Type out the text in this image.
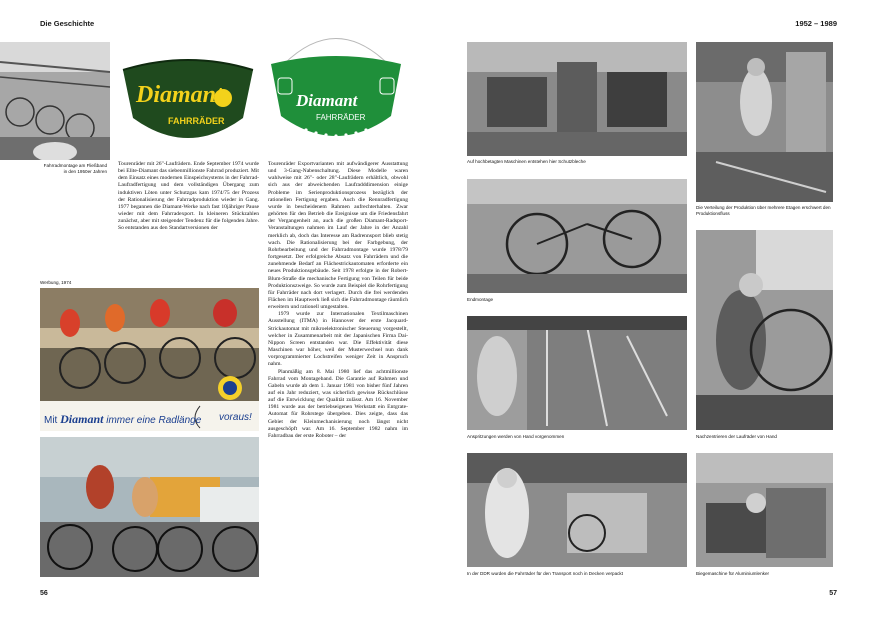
Die Geschichte	1952 – 1989
Fahrradmontage am Fließband in den 1950er Jahren
Diamant
FAHRRÄDER
Diamant
FAHRRÄDER

Tourenräder mit 26"-Laufrädern. Ende September 1974 wurde bei Elite-Diamant das siebenmillionste Fahrrad produziert. Mit dem Einsatz eines modernen Einspeichsystems in der Fahrrad-Laufradfertigung und dem vollständigen Übergang zum induktiven Löten unter Schutzgas kam 1974/75 der Prozess der Rationalisierung der Fahrradproduktion wieder in Gang. 1977 begannen die Diamant-Werke nach fast 10jähriger Pause wieder mit dem Fahrradexport. In kleineren Stückzahlen zunächst, aber mit steigender Tendenz für die folgenden Jahre. So entstanden aus den Standartversionen der

Tourenräder Exportvarianten mit aufwändigerer Ausstattung und 3-Gang-Nabenschaltung. Diese Modelle waren wahlweise mit 26"- oder 28"-Laufrädern erhältlich, obwohl sich aus der abweichenden Laufradddimension einige Probleme im Serienproduktionsprozess bezüglich der rationellen Fertigung ergaben. Auch die Rennradfertigung wurde in bescheidenem Rahmen aufrechterhalten. Zwar gehörten für den Betrieb die Ereignisse um die Friedensfahrt der Vergangenheit an, auch die großen Diamant-Radsport-Veranstaltungen nahmen im Lauf der Jahre in der Anzahl merklich ab, doch das Interesse am Radrennsport blieb stetig wach. Die Rationalisierung bei der Farbgebung, der Rohrbearbeitung und der Fahrradmontage wurde 1978/79 fortgesetzt. Der erfolgreiche Absatz von Fahrrädern und die zunehmende Bedarf an Flächestrickautomaten erforderte ein neues Produktionsgebäude. Seit 1978 erfolgte in der Robert-Blum-Straße die mechanische Fertigung von Teilen für beide Produktionszweige. So wurde zum Beispiel die Rohrfertigung für Fahrräder nach dort verlagert. Durch die frei werdenden Flächen im Hauptwerk ließ sich die Fahrradmontage räumlich erweitern und rationell umgestalten.

1979 wurde zur Internationalen Textilmaschinen Ausstellung (ITMA) in Hannover der erste Jacquard-Strickautomat mit mikroelektronischer Steuerung vorgestellt, welcher in Zusammenarbeit mit der Japanischen Firma Dai-Nippon Screen entstanden war. Die Effektivität diese Maschinen war höher, weil der Musterwechsel nun dank vorprogrammierter Lochstreifen weniger Zeit in Anspruch nahm.

Planmäßig am 8. Mai 1980 lief das achtmillionste Fahrrad vom Montageband. Die Garantie auf Rahmen und Gabeln wurde ab dem 1. Januar 1981 von bisher fünf Jahren auf ein Jahr reduziert, was sicherlich gewisse Rückschlüsse auf die Entwicklung der Qualität zulässt. Am 16. November 1981 wurde aus der betriebseigenen Werkstatt ein Entgrate-Automat für Rohrstege übergeben. Dies zeigte, dass das Gebiet der Kleinmechanisierung noch längst nicht ausgeschöpft war. Am 16. September 1982 nahm im Fahrradbau der erste Roboter – der

Werbung, 1974
Mit Diamant immer eine Radlänge voraus!
56
Auf hochbetagten Maschinen entstehen hier Schutzbleche
Endmontage
Anspritzungen werden von Hand vorgenommen
In der DDR wurden die Fahrräder für den Transport noch in Decken verpackt
Die Verteilung der Produktion über mehrere Etagen erschwert den Produktionsfluss
Nachzentrieren der Laufräder von Hand
Biegemaschine für Aluminiumlenker
57
